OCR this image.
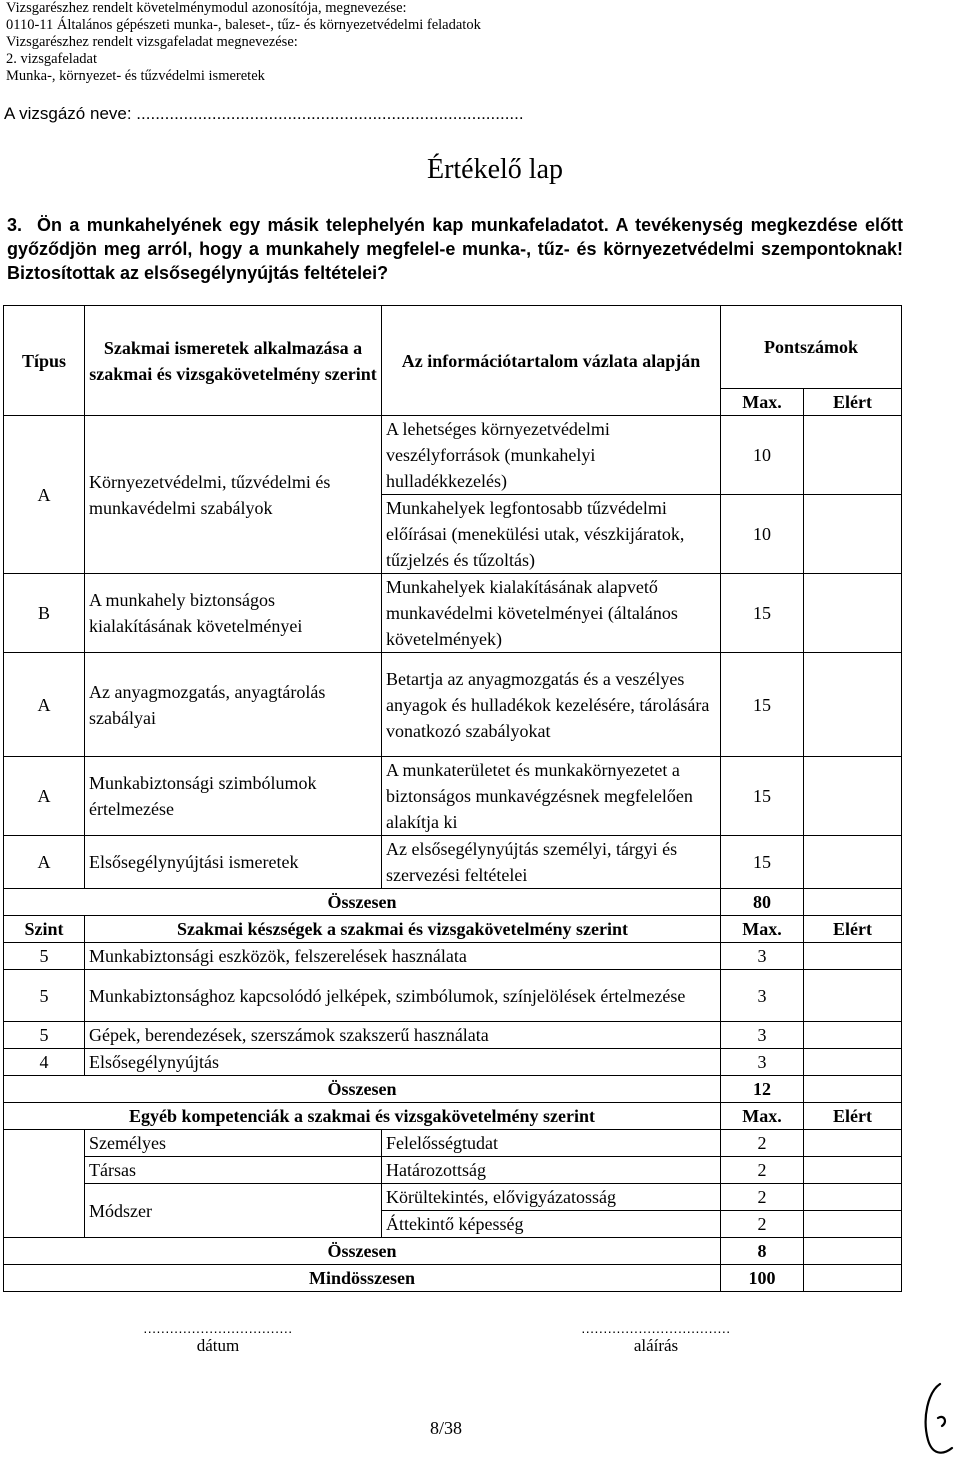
Vizsgarészhez rendelt követelménymodul azonosítója, megnevezése:
0110-11 Általános gépészeti munka-, baleset-, tűz- és környezetvédelmi feladatok
Vizsgarészhez rendelt vizsgafeladat megnevezése:
2. vizsgafeladat
Munka-, környezet- és tűzvédelmi ismeretek
A vizsgázó neve: ..................................................................................
Értékelő lap
3. Ön a munkahelyének egy másik telephelyén kap munkafeladatot. A tevékenység megkezdése előtt győződjön meg arról, hogy a munkahely megfelel-e munka-, tűz- és környezetvédelmi szempontoknak! Biztosítottak az elsősegélynyújtás feltételei?
Típus	Szakmai ismeretek alkalmazása a szakmai és vizsgakövetelmény szerint	Az információtartalom vázlata alapján	Pontszámok	
			Max.	Elért
A	Környezetvédelmi, tűzvédelmi és munkavédelmi szabályok	A lehetséges környezetvédelmi veszélyforrások (munkahelyi hulladékkezelés)	10	
		Munkahelyek legfontosabb tűzvédelmi előírásai (menekülési utak, vészkijáratok, tűzjelzés és tűzoltás)	10	
B	A munkahely biztonságos kialakításának követelményei	Munkahelyek kialakításának alapvető munkavédelmi követelményei (általános követelmények)	15	
A	Az anyagmozgatás, anyagtárolás szabályai	Betartja az anyagmozgatás és a veszélyes anyagok és hulladékok kezelésére, tárolására vonatkozó szabályokat	15	
A	Munkabiztonsági szimbólumok értelmezése	A munkaterületet és munkakörnyezetet a biztonságos munkavégzésnek megfelelően alakítja ki	15	
A	Elsősegélynyújtási ismeretek	Az elsősegélynyújtás személyi, tárgyi és szervezési feltételei	15	
Összesen			80	
Szint	Szakmai készségek a szakmai és vizsgakövetelmény szerint		Max.	Elért
5	Munkabiztonsági eszközök, felszerelések használata		3	
5	Munkabiztonsághoz kapcsolódó jelképek, szimbólumok, színjelölések értelmezése		3	
5	Gépek, berendezések, szerszámok szakszerű használata		3	
4	Elsősegélynyújtás		3	
Összesen			12	
Egyéb kompetenciák a szakmai és vizsgakövetelmény szerint			Max.	Elért
	Személyes	Felelősségtudat	2	
	Társas	Határozottság	2	
	Módszer	Körültekintés, elővigyázatosság	2	
		Áttekintő képesség	2	
Összesen			8	
Mindösszesen			100	
..................................
dátum
..................................
aláírás
8/38
